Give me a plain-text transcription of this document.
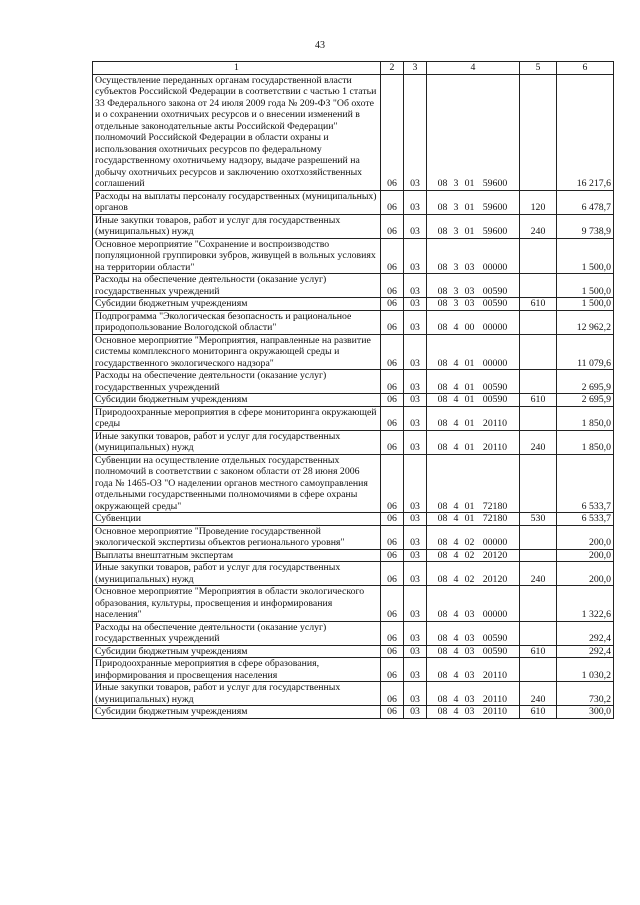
43
1	2	3	4	5	6
Осуществление переданных органам государственной власти субъектов Российской Федерации в соответствии с частью 1 статьи 33 Федерального закона от 24 июля 2009 года № 209-ФЗ "Об охоте и о сохранении охотничьих ресурсов и о внесении изменений в отдельные законодательные акты Российской Федерации" полномочий Российской Федерации в области охраны и использования охотничьих ресурсов по федеральному государственному охотничьему надзору, выдаче разрешений на добычу охотничьих ресурсов и заключению охотхозяйственных соглашений	06	03	08 3 01 59600		16 217,6
Расходы на выплаты персоналу государственных (муниципальных) органов	06	03	08 3 01 59600	120	6 478,7
Иные закупки товаров, работ и услуг для государственных (муниципальных) нужд	06	03	08 3 01 59600	240	9 738,9
Основное мероприятие "Сохранение и воспроизводство популяционной группировки зубров, живущей в вольных условиях на территории области"	06	03	08 3 03 00000		1 500,0
Расходы на обеспечение деятельности (оказание услуг) государственных учреждений	06	03	08 3 03 00590		1 500,0
Субсидии бюджетным учреждениям	06	03	08 3 03 00590	610	1 500,0
Подпрограмма "Экологическая безопасность и рациональное природопользование Вологодской области"	06	03	08 4 00 00000		12 962,2
Основное мероприятие "Мероприятия, направленные на развитие системы комплексного мониторинга окружающей среды и государственного экологического надзора"	06	03	08 4 01 00000		11 079,6
Расходы на обеспечение деятельности (оказание услуг) государственных учреждений	06	03	08 4 01 00590		2 695,9
Субсидии бюджетным учреждениям	06	03	08 4 01 00590	610	2 695,9
Природоохранные мероприятия в сфере мониторинга окружающей среды	06	03	08 4 01 20110		1 850,0
Иные закупки товаров, работ и услуг для государственных (муниципальных) нужд	06	03	08 4 01 20110	240	1 850,0
Субвенции на осуществление отдельных государственных полномочий в соответствии с законом области от 28 июня 2006 года № 1465-ОЗ "О наделении органов местного самоуправления отдельными государственными полномочиями в сфере охраны окружающей среды"	06	03	08 4 01 72180		6 533,7
Субвенции	06	03	08 4 01 72180	530	6 533,7
Основное мероприятие "Проведение государственной экологической экспертизы объектов регионального уровня"	06	03	08 4 02 00000		200,0
Выплаты внештатным экспертам	06	03	08 4 02 20120		200,0
Иные закупки товаров, работ и услуг для государственных (муниципальных) нужд	06	03	08 4 02 20120	240	200,0
Основное мероприятие "Мероприятия в области экологического образования, культуры, просвещения и информирования населения"	06	03	08 4 03 00000		1 322,6
Расходы на обеспечение деятельности (оказание услуг) государственных учреждений	06	03	08 4 03 00590		292,4
Субсидии бюджетным учреждениям	06	03	08 4 03 00590	610	292,4
Природоохранные мероприятия в сфере образования, информирования и просвещения населения	06	03	08 4 03 20110		1 030,2
Иные закупки товаров, работ и услуг для государственных (муниципальных) нужд	06	03	08 4 03 20110	240	730,2
Субсидии бюджетным учреждениям	06	03	08 4 03 20110	610	300,0
